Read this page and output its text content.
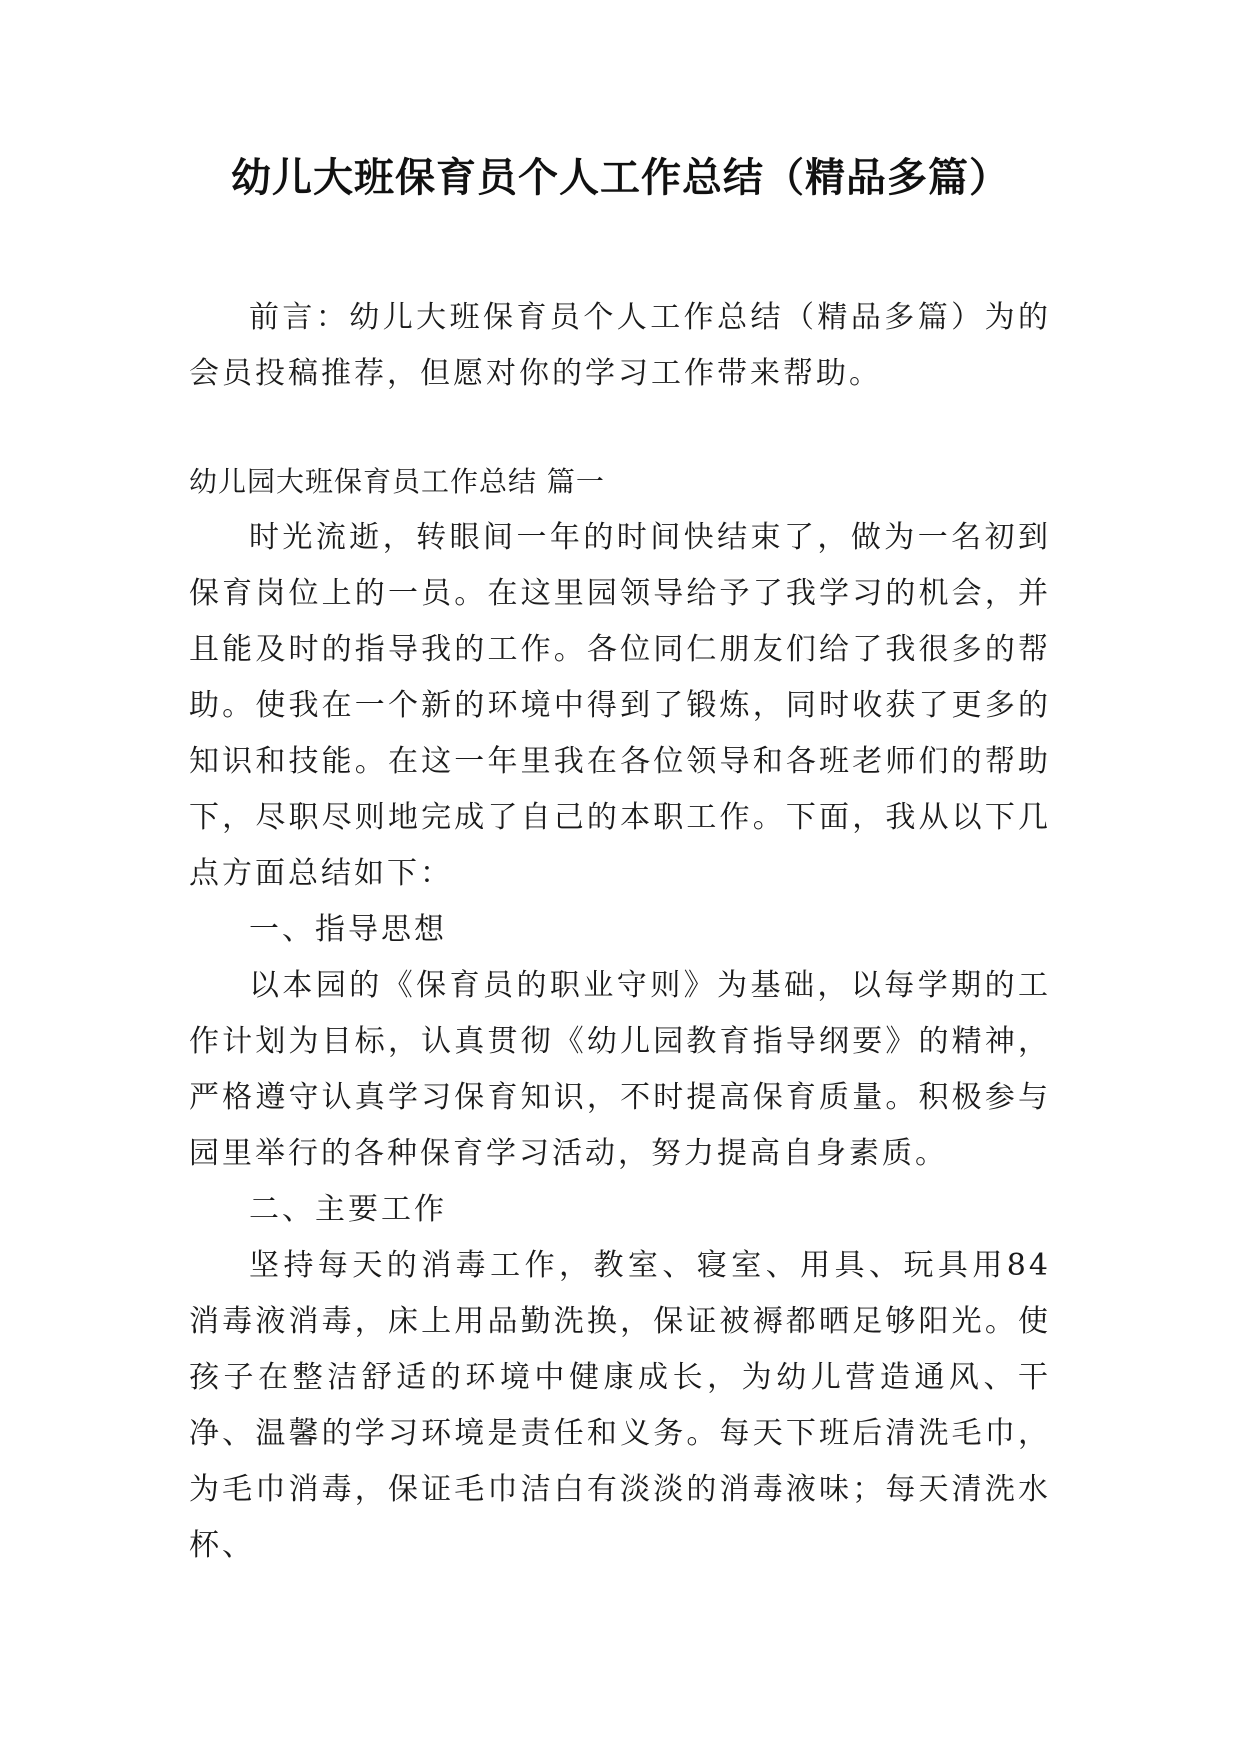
幼儿大班保育员个人工作总结（精品多篇）

前言：幼儿大班保育员个人工作总结（精品多篇）为的会员投稿推荐，但愿对你的学习工作带来帮助。

幼儿园大班保育员工作总结 篇一

时光流逝，转眼间一年的时间快结束了，做为一名初到保育岗位上的一员。在这里园领导给予了我学习的机会，并且能及时的指导我的工作。各位同仁朋友们给了我很多的帮助。使我在一个新的环境中得到了锻炼，同时收获了更多的知识和技能。在这一年里我在各位领导和各班老师们的帮助下，尽职尽则地完成了自己的本职工作。下面，我从以下几点方面总结如下：

一、指导思想

以本园的《保育员的职业守则》为基础，以每学期的工作计划为目标，认真贯彻《幼儿园教育指导纲要》的精神，严格遵守认真学习保育知识，不时提高保育质量。积极参与园里举行的各种保育学习活动，努力提高自身素质。

二、主要工作

坚持每天的消毒工作，教室、寝室、用具、玩具用84消毒液消毒，床上用品勤洗换，保证被褥都晒足够阳光。使孩子在整洁舒适的环境中健康成长，为幼儿营造通风、干净、温馨的学习环境是责任和义务。每天下班后清洗毛巾，为毛巾消毒，保证毛巾洁白有淡淡的消毒液味；每天清洗水杯、
